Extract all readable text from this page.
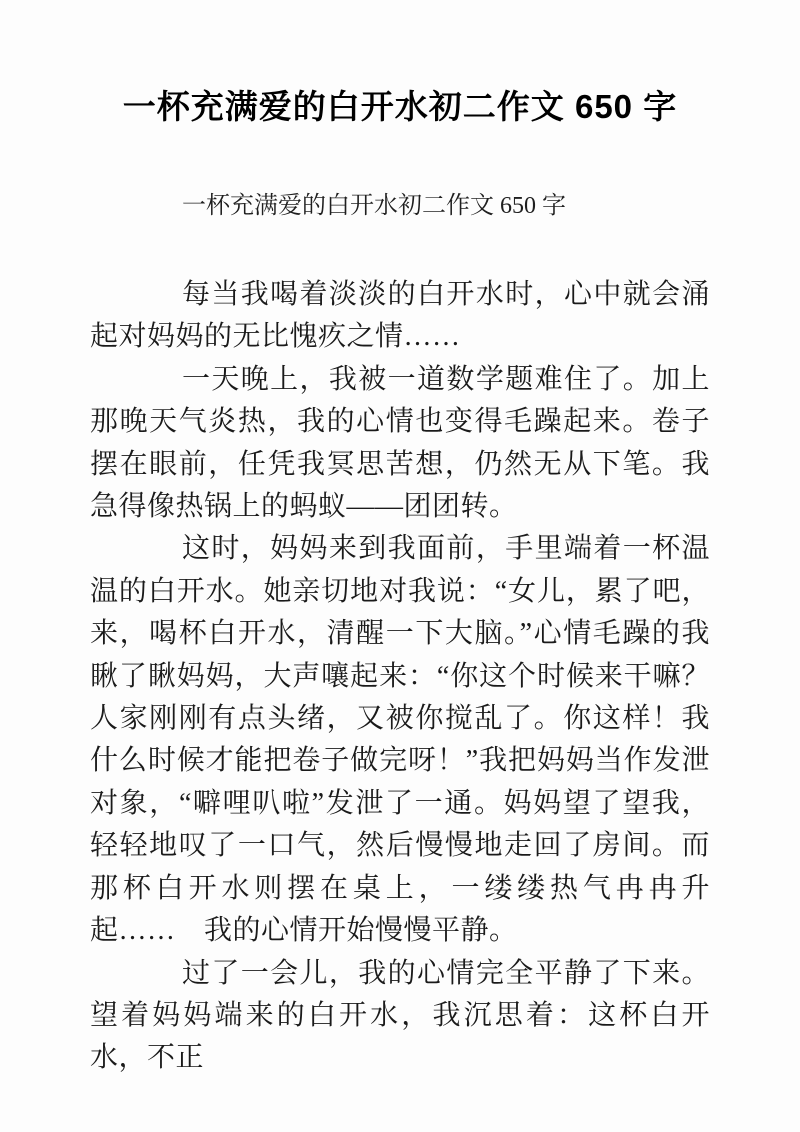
一杯充满爱的白开水初二作文 650 字
一杯充满爱的白开水初二作文 650 字

每当我喝着淡淡的白开水时，心中就会涌起对妈妈的无比愧疚之情……

一天晚上，我被一道数学题难住了。加上那晚天气炎热，我的心情也变得毛躁起来。卷子摆在眼前，任凭我冥思苦想，仍然无从下笔。我急得像热锅上的蚂蚁——团团转。

这时，妈妈来到我面前，手里端着一杯温温的白开水。她亲切地对我说：“女儿，累了吧，来，喝杯白开水，清醒一下大脑。”心情毛躁的我瞅了瞅妈妈，大声嚷起来：“你这个时候来干嘛？人家刚刚有点头绪，又被你搅乱了。你这样！我什么时候才能把卷子做完呀！”我把妈妈当作发泄对象，“噼哩叭啦”发泄了一通。妈妈望了望我，轻轻地叹了一口气，然后慢慢地走回了房间。而那杯白开水则摆在桌上，一缕缕热气冉冉升起……　我的心情开始慢慢平静。

过了一会儿，我的心情完全平静了下来。望着妈妈端来的白开水，我沉思着：这杯白开水，不正
